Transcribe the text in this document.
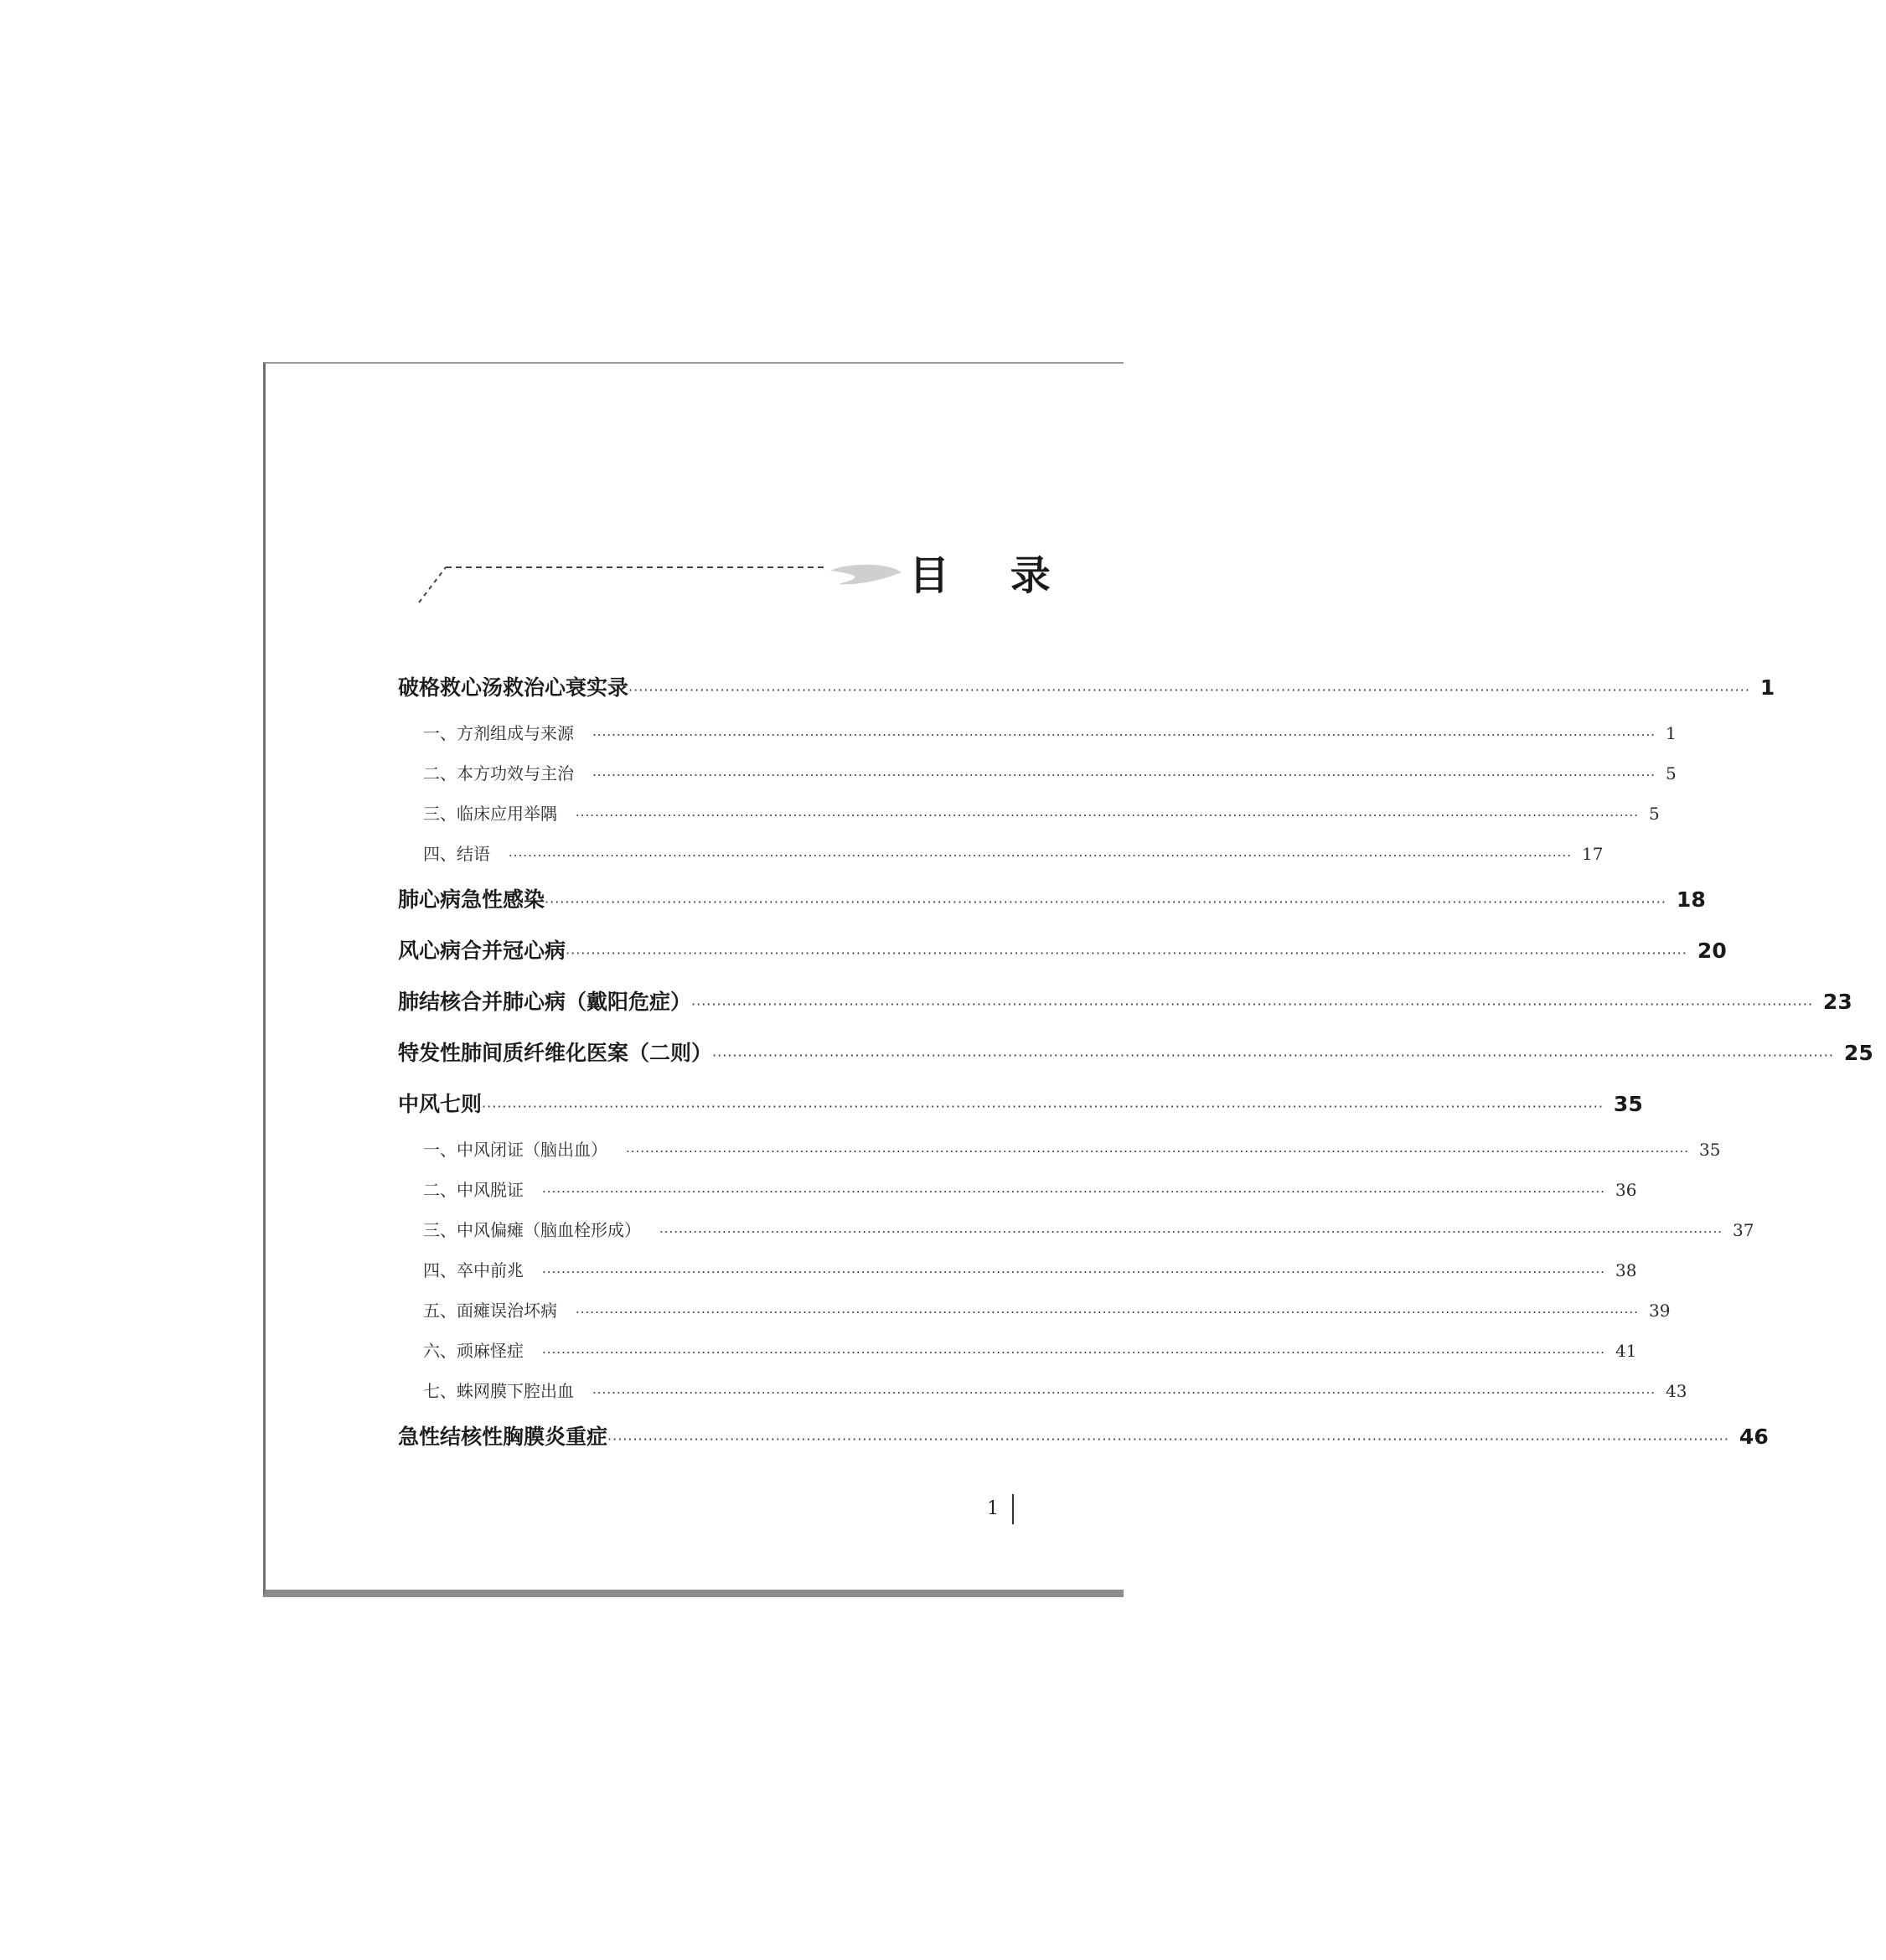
目 录
破格救心汤救治心衰实录 ···························································································································································································································· 1
一、方剂组成与来源	···························································································································································································································· 1
二、本方功效与主治	···························································································································································································································· 5
三、临床应用举隅	···························································································································································································································· 5
四、结语	···························································································································································································································· 17
肺心病急性感染 ···························································································································································································································· 18
风心病合并冠心病 ···························································································································································································································· 20
肺结核合并肺心病（戴阳危症） ···························································································································································································································· 23
特发性肺间质纤维化医案（二则） ···························································································································································································································· 25
中风七则 ···························································································································································································································· 35
一、中风闭证（脑出血）	···························································································································································································································· 35
二、中风脱证	···························································································································································································································· 36
三、中风偏瘫（脑血栓形成）	···························································································································································································································· 37
四、卒中前兆	···························································································································································································································· 38
五、面瘫误治坏病	···························································································································································································································· 39
六、顽麻怪症	···························································································································································································································· 41
七、蛛网膜下腔出血	···························································································································································································································· 43
急性结核性胸膜炎重症 ···························································································································································································································· 46
1
